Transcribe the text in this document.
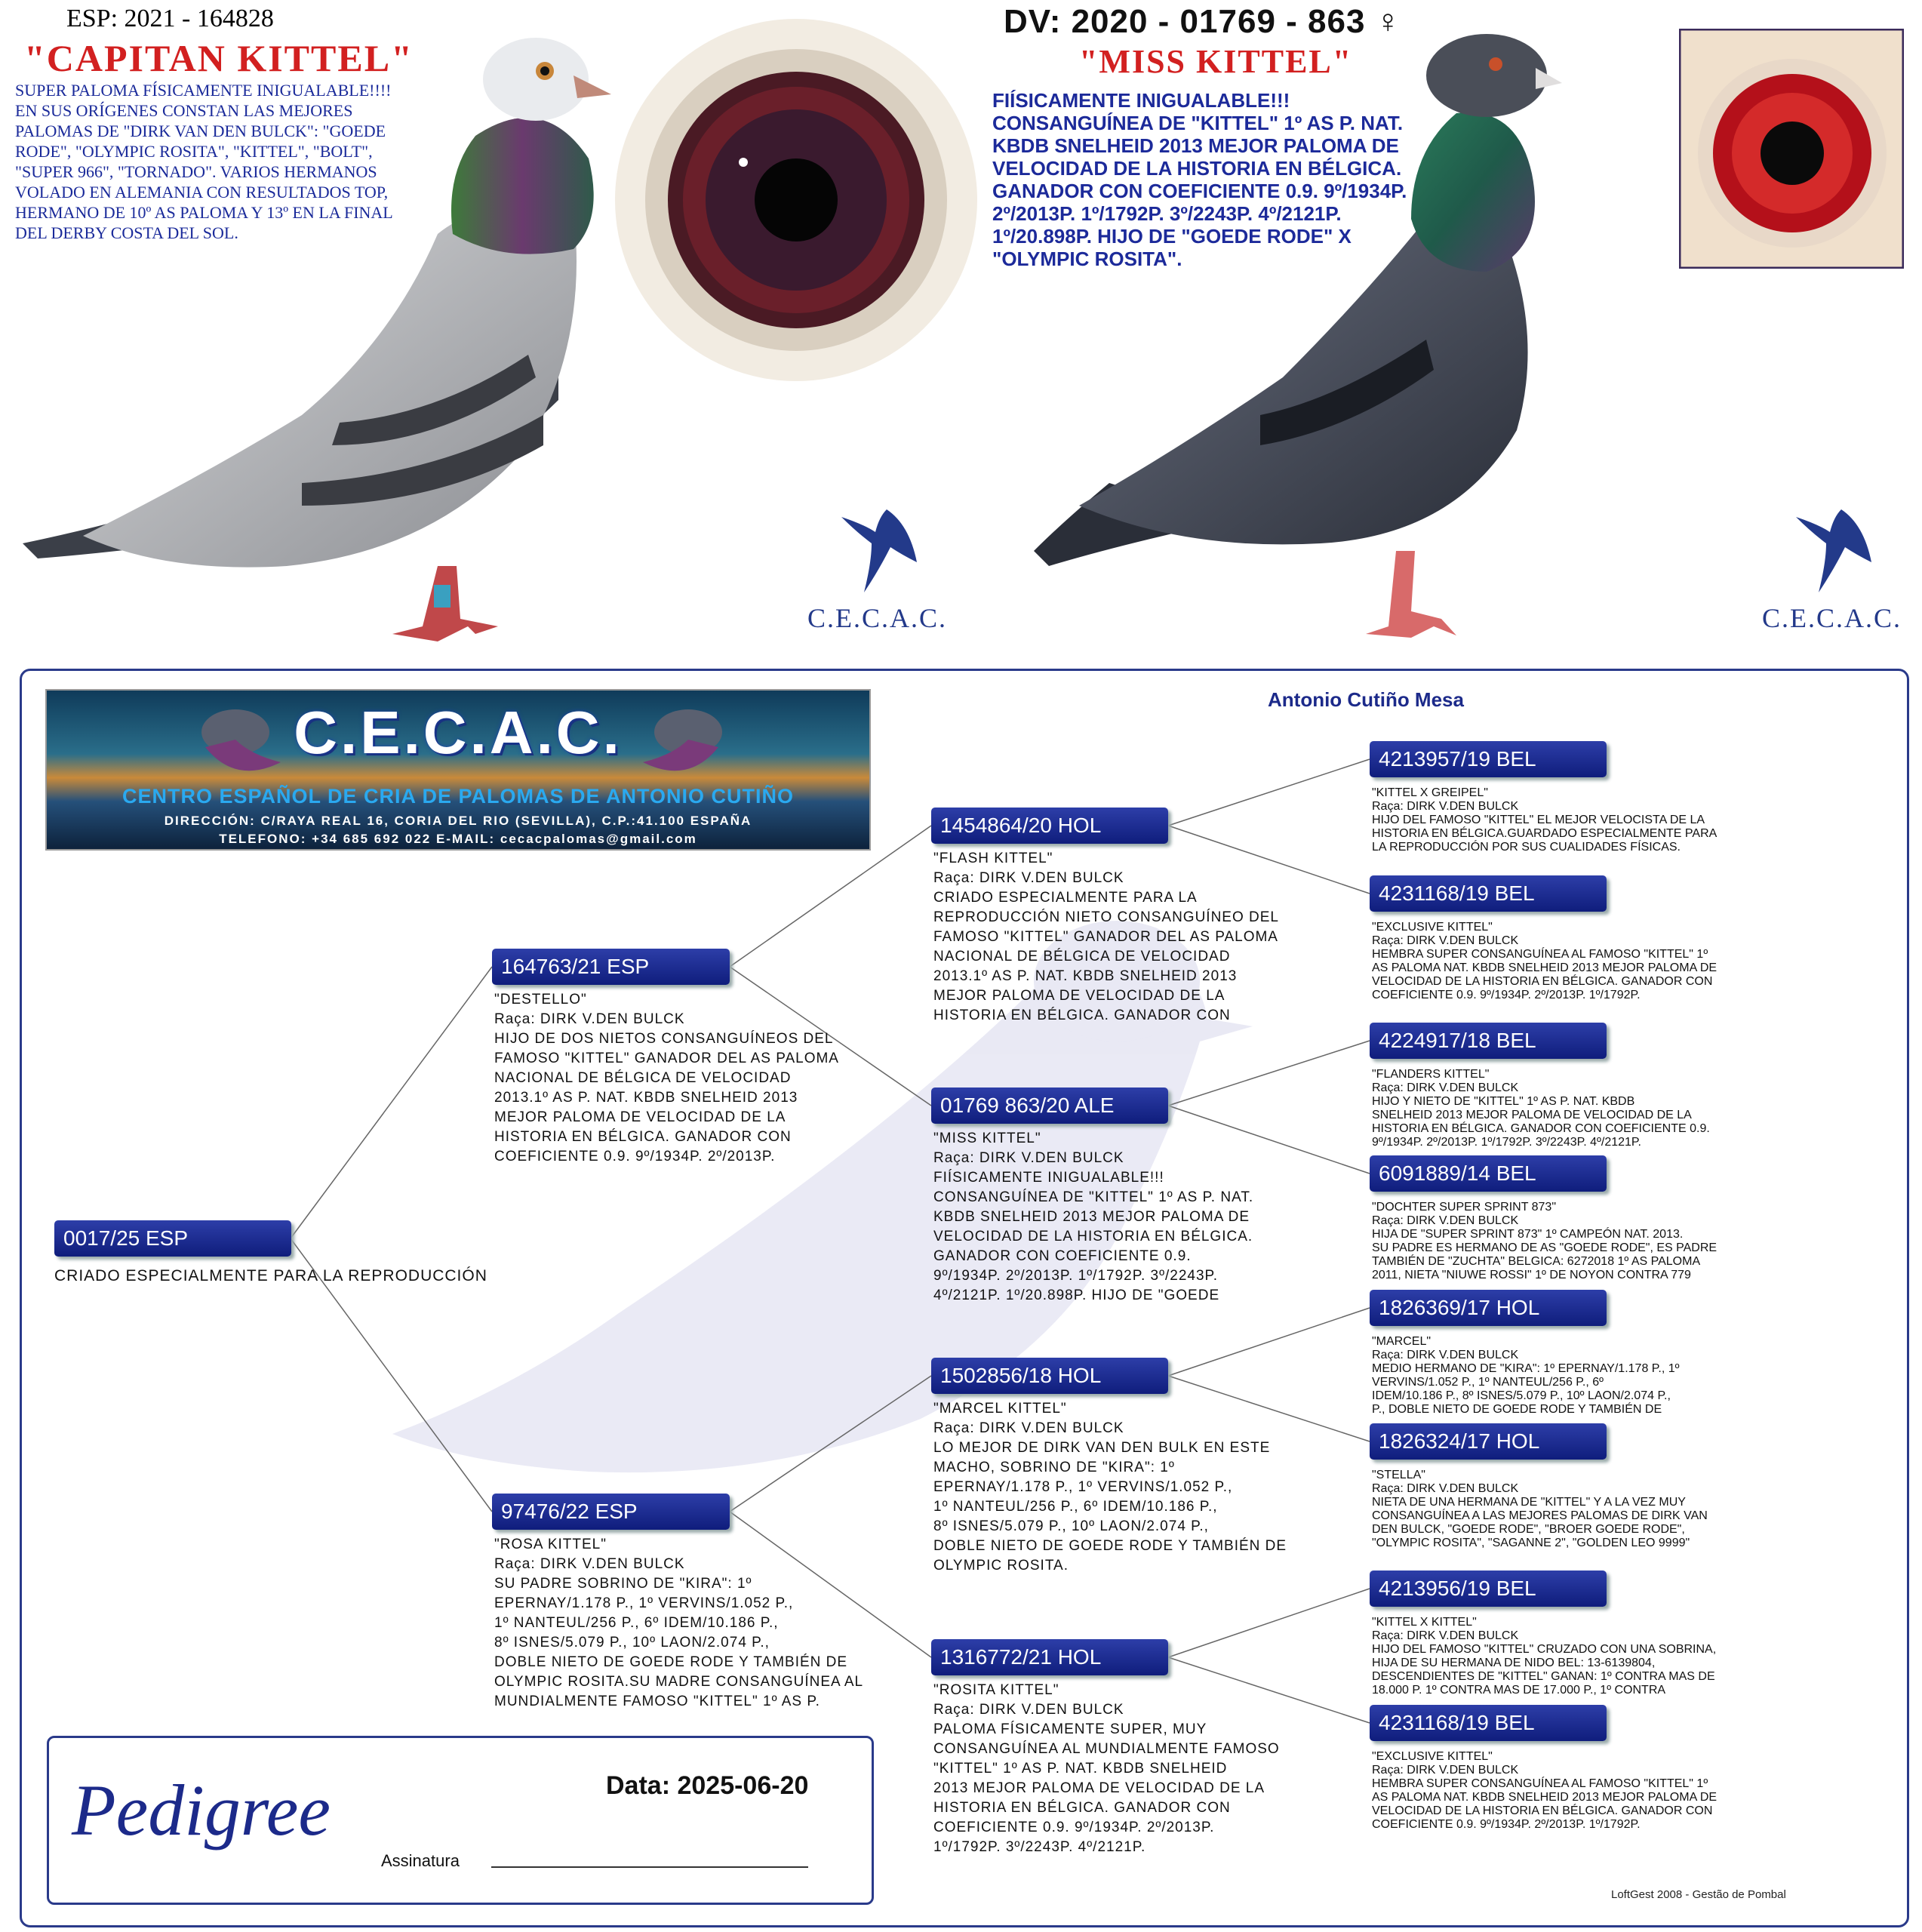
ESP: 2021 - 164828
"CAPITAN KITTEL"
SUPER PALOMA FÍSICAMENTE INIGUALABLE!!!! EN SUS ORÍGENES CONSTAN LAS MEJORES PALOMAS DE "DIRK VAN DEN BULCK": "GOEDE RODE", "OLYMPIC ROSITA", "KITTEL", "BOLT", "SUPER 966", "TORNADO". VARIOS HERMANOS VOLADO EN ALEMANIA CON RESULTADOS TOP, HERMANO DE 10º AS PALOMA Y 13º EN LA FINAL DEL DERBY COSTA DEL SOL.
DV: 2020 - 01769 - 863 ♀
"MISS KITTEL"
FIÍSICAMENTE INIGUALABLE!!! CONSANGUÍNEA DE "KITTEL" 1º AS P. NAT. KBDB SNELHEID 2013 MEJOR PALOMA DE VELOCIDAD DE LA HISTORIA EN BÉLGICA. GANADOR CON COEFICIENTE 0.9. 9º/1934P. 2º/2013P. 1º/1792P. 3º/2243P. 4º/2121P. 1º/20.898P. HIJO DE "GOEDE RODE" X "OLYMPIC ROSITA".
C.E.C.A.C.	C.E.C.A.C.
C.E.C.A.C.
CENTRO ESPAÑOL DE CRIA DE PALOMAS DE ANTONIO CUTIÑO
DIRECCIÓN: C/RAYA REAL 16, CORIA DEL RIO (SEVILLA), C.P.:41.100 ESPAÑA
TELEFONO: +34 685 692 022 E-MAIL: cecacpalomas@gmail.com
Antonio Cutiño Mesa
0017/25 ESP
CRIADO ESPECIALMENTE PARA LA REPRODUCCIÓN
164763/21 ESP
"DESTELLO"
Raça: DIRK V.DEN BULCK
HIJO DE DOS NIETOS CONSANGUÍNEOS DEL
FAMOSO "KITTEL" GANADOR DEL AS PALOMA
NACIONAL DE BÉLGICA DE VELOCIDAD
2013.1º AS P. NAT. KBDB SNELHEID 2013
MEJOR PALOMA DE VELOCIDAD DE LA
HISTORIA EN BÉLGICA. GANADOR CON
COEFICIENTE 0.9. 9º/1934P. 2º/2013P.
97476/22 ESP
"ROSA KITTEL"
Raça: DIRK V.DEN BULCK
SU PADRE SOBRINO DE "KIRA": 1º
EPERNAY/1.178 P., 1º VERVINS/1.052 P.,
1º NANTEUL/256 P., 6º IDEM/10.186 P.,
8º ISNES/5.079 P., 10º LAON/2.074 P.,
DOBLE NIETO DE GOEDE RODE Y TAMBIÉN DE
OLYMPIC ROSITA.SU MADRE CONSANGUÍNEA AL
MUNDIALMENTE FAMOSO "KITTEL" 1º AS P.
1454864/20 HOL
"FLASH KITTEL"
Raça: DIRK V.DEN BULCK
CRIADO ESPECIALMENTE PARA LA
REPRODUCCIÓN NIETO CONSANGUÍNEO DEL
FAMOSO "KITTEL" GANADOR DEL AS PALOMA
NACIONAL DE BÉLGICA DE VELOCIDAD
2013.1º AS P. NAT. KBDB SNELHEID 2013
MEJOR PALOMA DE VELOCIDAD DE LA
HISTORIA EN BÉLGICA. GANADOR CON
01769 863/20 ALE
"MISS KITTEL"
Raça: DIRK V.DEN BULCK
FIÍSICAMENTE INIGUALABLE!!!
CONSANGUÍNEA DE "KITTEL" 1º AS P. NAT.
KBDB SNELHEID 2013 MEJOR PALOMA DE
VELOCIDAD DE LA HISTORIA EN BÉLGICA.
GANADOR CON COEFICIENTE 0.9.
9º/1934P. 2º/2013P. 1º/1792P. 3º/2243P.
4º/2121P. 1º/20.898P. HIJO DE "GOEDE
1502856/18 HOL
"MARCEL KITTEL"
Raça: DIRK V.DEN BULCK
LO MEJOR DE DIRK VAN DEN BULK EN ESTE
MACHO, SOBRINO DE "KIRA": 1º
EPERNAY/1.178 P., 1º VERVINS/1.052 P.,
1º NANTEUL/256 P., 6º IDEM/10.186 P.,
8º ISNES/5.079 P., 10º LAON/2.074 P.,
DOBLE NIETO DE GOEDE RODE Y TAMBIÉN DE
OLYMPIC ROSITA.
1316772/21 HOL
"ROSITA KITTEL"
Raça: DIRK V.DEN BULCK
PALOMA FÍSICAMENTE SUPER, MUY
CONSANGUÍNEA AL MUNDIALMENTE FAMOSO
"KITTEL" 1º AS P. NAT. KBDB SNELHEID
2013 MEJOR PALOMA DE VELOCIDAD DE LA
HISTORIA EN BÉLGICA. GANADOR CON
COEFICIENTE 0.9. 9º/1934P. 2º/2013P.
1º/1792P. 3º/2243P. 4º/2121P.
4213957/19 BEL
"KITTEL X GREIPEL"
Raça: DIRK V.DEN BULCK
HIJO DEL FAMOSO "KITTEL" EL MEJOR VELOCISTA DE LA
HISTORIA EN BÉLGICA.GUARDADO ESPECIALMENTE PARA
LA REPRODUCCIÓN POR SUS CUALIDADES FÍSICAS.
4231168/19 BEL
"EXCLUSIVE KITTEL"
Raça: DIRK V.DEN BULCK
HEMBRA SUPER CONSANGUÍNEA AL FAMOSO "KITTEL" 1º
AS PALOMA NAT. KBDB SNELHEID 2013 MEJOR PALOMA DE
VELOCIDAD DE LA HISTORIA EN BÉLGICA. GANADOR CON
COEFICIENTE 0.9. 9º/1934P. 2º/2013P. 1º/1792P.
4224917/18 BEL
"FLANDERS KITTEL"
Raça: DIRK V.DEN BULCK
HIJO Y NIETO DE "KITTEL" 1º AS P. NAT. KBDB
SNELHEID 2013 MEJOR PALOMA DE VELOCIDAD DE LA
HISTORIA EN BÉLGICA. GANADOR CON COEFICIENTE 0.9.
9º/1934P. 2º/2013P. 1º/1792P. 3º/2243P. 4º/2121P.
6091889/14 BEL
"DOCHTER SUPER SPRINT 873"
Raça: DIRK V.DEN BULCK
HIJA DE "SUPER SPRINT 873" 1º CAMPEÓN NAT. 2013.
SU PADRE ES HERMANO DE AS "GOEDE RODE", ES PADRE
TAMBIÉN DE "ZUCHTA" BELGICA: 6272018 1º AS PALOMA
2011, NIETA "NIUWE ROSSI" 1º DE NOYON CONTRA 779
1826369/17 HOL
"MARCEL"
Raça: DIRK V.DEN BULCK
MEDIO HERMANO DE "KIRA": 1º EPERNAY/1.178 P., 1º
VERVINS/1.052 P., 1º NANTEUL/256 P., 6º
IDEM/10.186 P., 8º ISNES/5.079 P., 10º LAON/2.074 P.,
P., DOBLE NIETO DE GOEDE RODE Y TAMBIÉN DE
1826324/17 HOL
"STELLA"
Raça: DIRK V.DEN BULCK
NIETA DE UNA HERMANA DE "KITTEL" Y A LA VEZ MUY
CONSANGUÍNEA A LAS MEJORES PALOMAS DE DIRK VAN
DEN BULCK, "GOEDE RODE", "BROER GOEDE RODE",
"OLYMPIC ROSITA", "SAGANNE 2", "GOLDEN LEO 9999"
4213956/19 BEL
"KITTEL X KITTEL"
Raça: DIRK V.DEN BULCK
HIJO DEL FAMOSO "KITTEL" CRUZADO CON UNA SOBRINA,
HIJA DE SU HERMANA DE NIDO BEL: 13-6139804,
DESCENDIENTES DE "KITTEL" GANAN: 1º CONTRA MAS DE
18.000 P. 1º CONTRA MAS DE 17.000 P., 1º CONTRA
4231168/19 BEL
"EXCLUSIVE KITTEL"
Raça: DIRK V.DEN BULCK
HEMBRA SUPER CONSANGUÍNEA AL FAMOSO "KITTEL" 1º
AS PALOMA NAT. KBDB SNELHEID 2013 MEJOR PALOMA DE
VELOCIDAD DE LA HISTORIA EN BÉLGICA. GANADOR CON
COEFICIENTE 0.9. 9º/1934P. 2º/2013P. 1º/1792P.
Pedigree	Data: 2025-06-20
Assinatura
LoftGest 2008 - Gestão de Pombal
